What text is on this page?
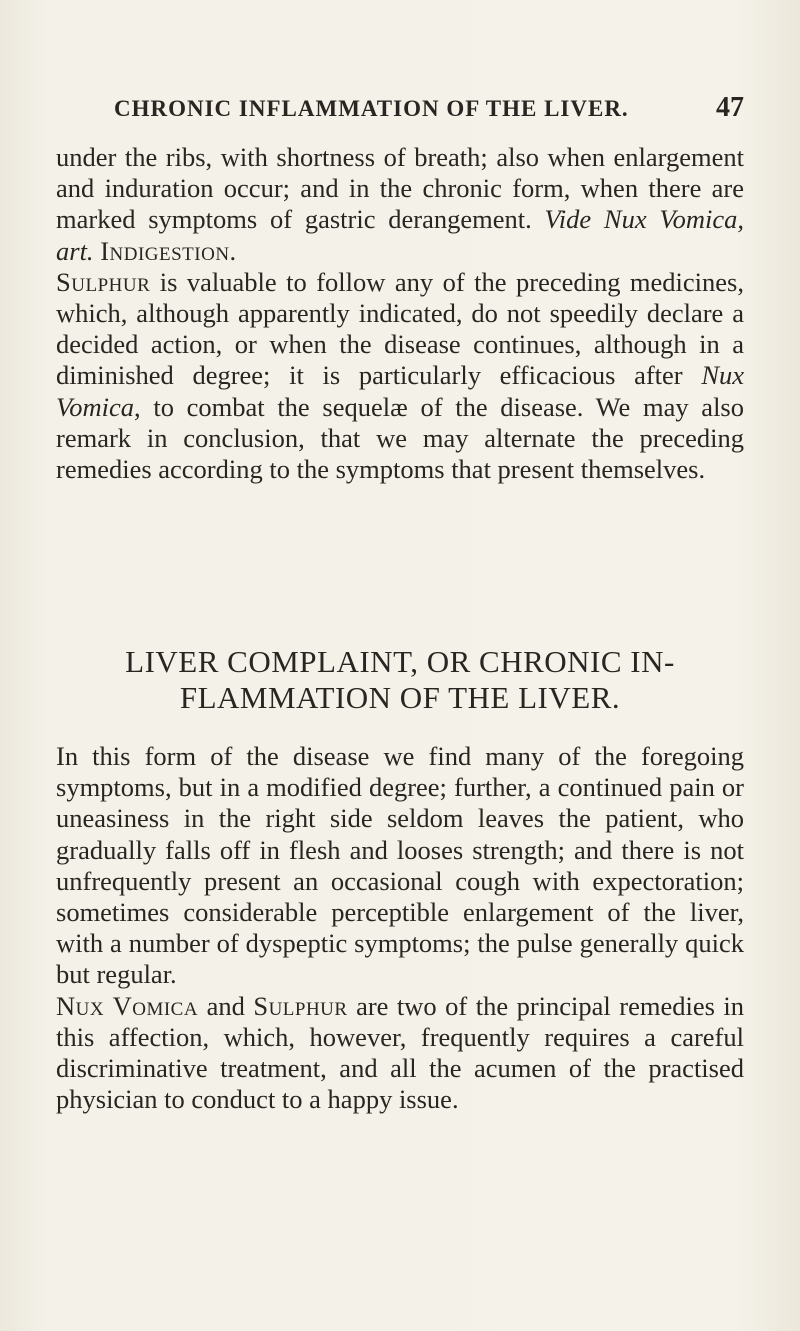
CHRONIC INFLAMMATION OF THE LIVER.	47

under the ribs, with shortness of breath; also when enlargement and induration occur; and in the chronic form, when there are marked symptoms of gastric derangement. Vide Nux Vomica, art. Indigestion.

Sulphur is valuable to follow any of the preceding medicines, which, although apparently indicated, do not speedily declare a decided action, or when the disease continues, although in a diminished degree; it is particularly efficacious after Nux Vomica, to combat the sequelæ of the disease. We may also remark in conclusion, that we may alternate the preceding remedies according to the symptoms that present themselves.

LIVER COMPLAINT, OR CHRONIC IN-
FLAMMATION OF THE LIVER.

In this form of the disease we find many of the foregoing symptoms, but in a modified degree; further, a continued pain or uneasiness in the right side seldom leaves the patient, who gradually falls off in flesh and looses strength; and there is not unfrequently present an occasional cough with expectoration; sometimes considerable perceptible enlargement of the liver, with a number of dyspeptic symptoms; the pulse generally quick but regular.

Nux Vomica and Sulphur are two of the principal remedies in this affection, which, however, frequently requires a careful discriminative treatment, and all the acumen of the practised physician to conduct to a happy issue.
